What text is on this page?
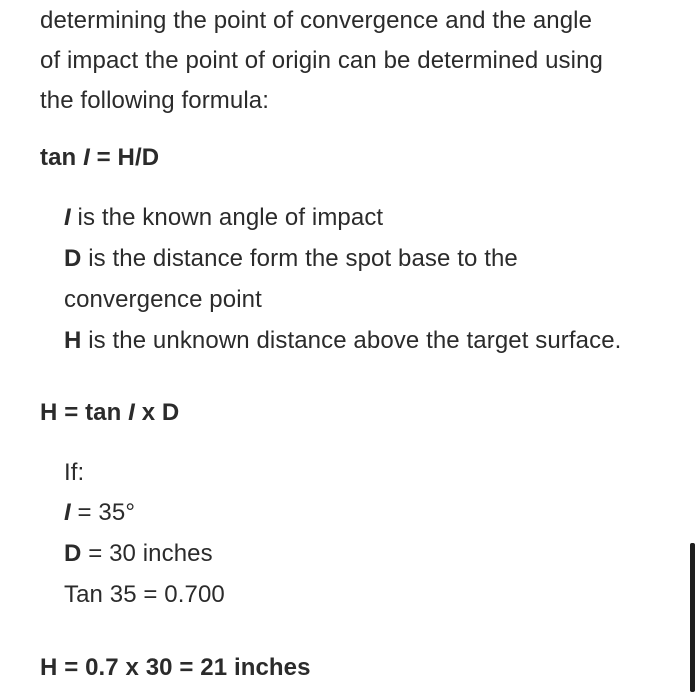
determining the point of convergence and the angle
of impact the point of origin can be determined using
the following formula:
tan I = H/D
I is the known angle of impact
D is the distance form the spot base to the
convergence point
H is the unknown distance above the target surface.
H = tan I x D
If:
I = 35°
D = 30 inches
Tan 35 = 0.700
H = 0.7 x 30 = 21 inches
